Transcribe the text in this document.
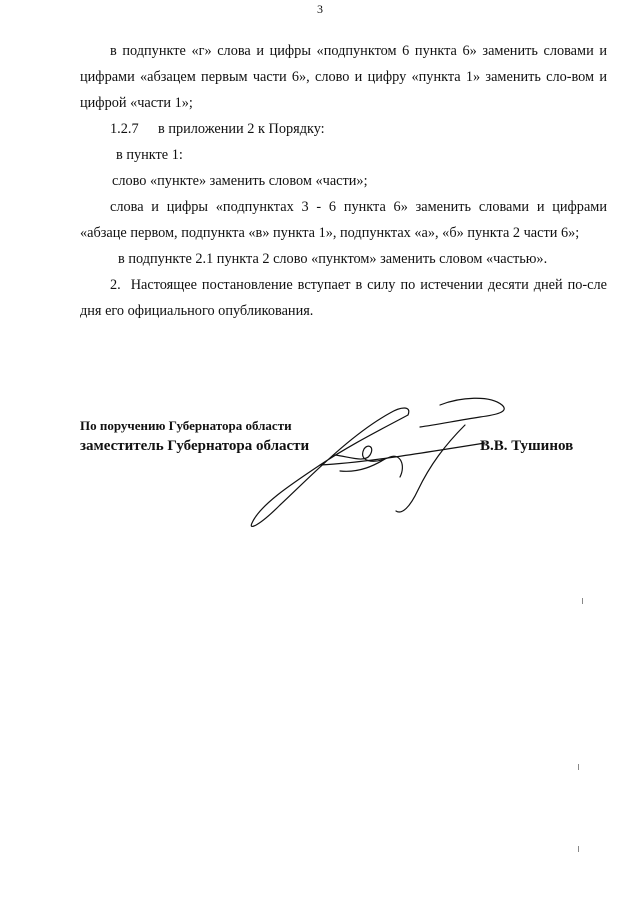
3

в подпункте «г» слова и цифры «подпунктом 6 пункта 6» заменить словами и цифрами «абзацем первым части 6», слово и цифру «пункта 1» заменить сло-вом и цифрой «части 1»;

1.2.7 в приложении 2 к Порядку:

в пункте 1:

слово «пункте» заменить словом «части»;

слова и цифры «подпунктах 3 - 6 пункта 6» заменить словами и цифрами «абзаце первом, подпункта «в» пункта 1», подпунктах «а», «б» пункта 2 части 6»;

в подпункте 2.1 пункта 2 слово «пунктом» заменить словом «частью».

2. Настоящее постановление вступает в силу по истечении десяти дней по-сле дня его официального опубликования.

По поручению Губернатора области
заместитель Губернатора области	В.В. Тушинов
